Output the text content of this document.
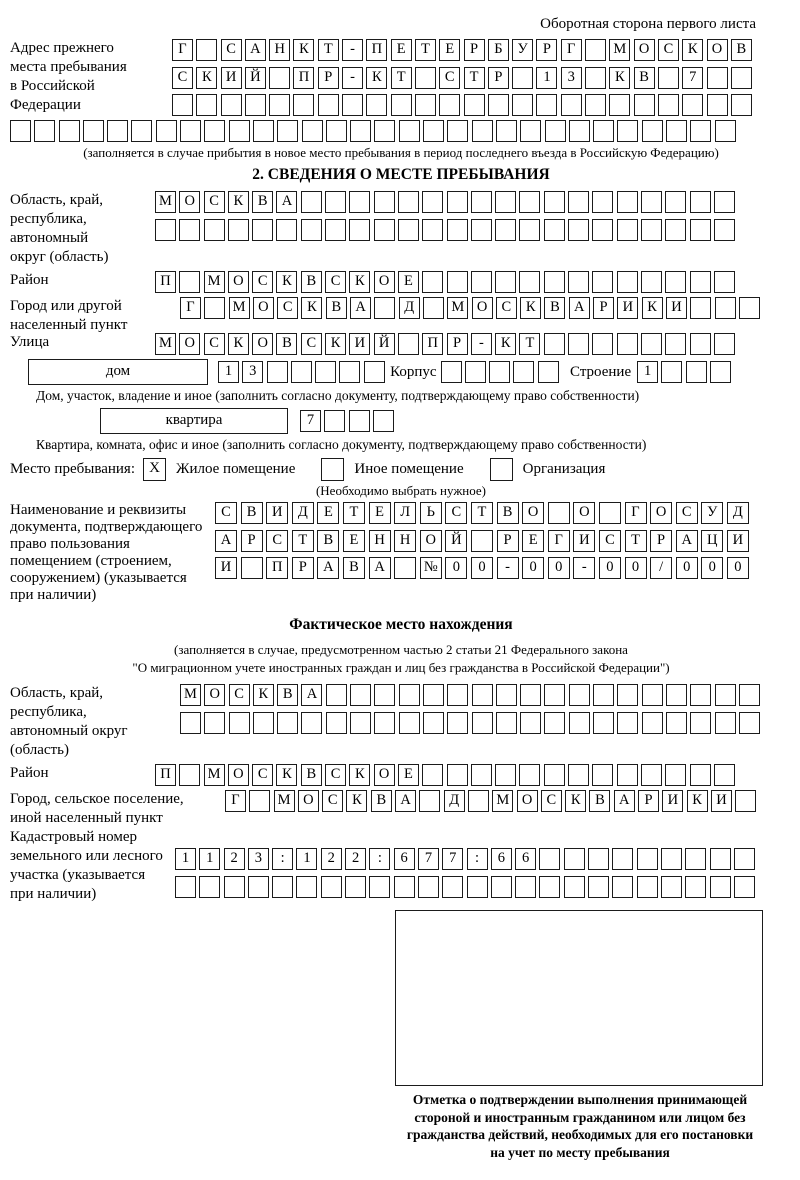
Оборотная сторона первого листа
Адрес прежнего
места пребывания
в Российской
Федерации
Г	С А Н К Т - П Е Т Е Р Б У Р Г	М О С К О В
С К И Й	П Р - К Т	С Т Р	1 3	К В	7
(заполняется в случае прибытия в новое место пребывания в период последнего въезда в Российскую Федерацию)
2. СВЕДЕНИЯ О МЕСТЕ ПРЕБЫВАНИЯ
Область, край,
республика,
автономный
округ (область)
М О С К В А
Район	П	М О С К В С К О Е
Город или другой
населенный пункт
Г	М О С К В А	Д	М О С К В А Р И К И
Улица	М О С К О В С К И Й	П Р - К Т
дом	1 3	Корпус	Строение 1
Дом, участок, владение и иное (заполнить согласно документу, подтверждающему право собственности)
квартира	7
Квартира, комната, офис и иное (заполнить согласно документу, подтверждающему право собственности)
Место пребывания: X	Жилое помещение	Иное помещение	Организация
(Необходимо выбрать нужное)
Наименование и реквизиты
документа, подтверждающего
право пользования
помещением (строением,
сооружением) (указывается
при наличии)
С В И Д Е Т Е Л Ь С Т В О	О	Г О С У Д
А Р С Т В Е Н Н О Й	Р Е Г И С Т Р А Ц И
И	П Р А В А	№ 0 0 - 0 0 - 0 0 / 0 0 0
Фактическое место нахождения
(заполняется в случае, предусмотренном частью 2 статьи 21 Федерального закона
"О миграционном учете иностранных граждан и лиц без гражданства в Российской Федерации")
Область, край,
республика,
автономный округ
(область)
М О С К В А
Район	П	М О С К В С К О Е
Город, сельское поселение,
иной населенный пункт
Г	М О С К В А	Д	М О С К В А Р И К И
Кадастровый номер
земельного или лесного
участка (указывается
при наличии)
1 1 2 3 : 1 2 2 : 6 7 7 : 6 6
Отметка о подтверждении выполнения принимающей
стороной и иностранным гражданином или лицом без
гражданства действий, необходимых для его постановки
на учет по месту пребывания
